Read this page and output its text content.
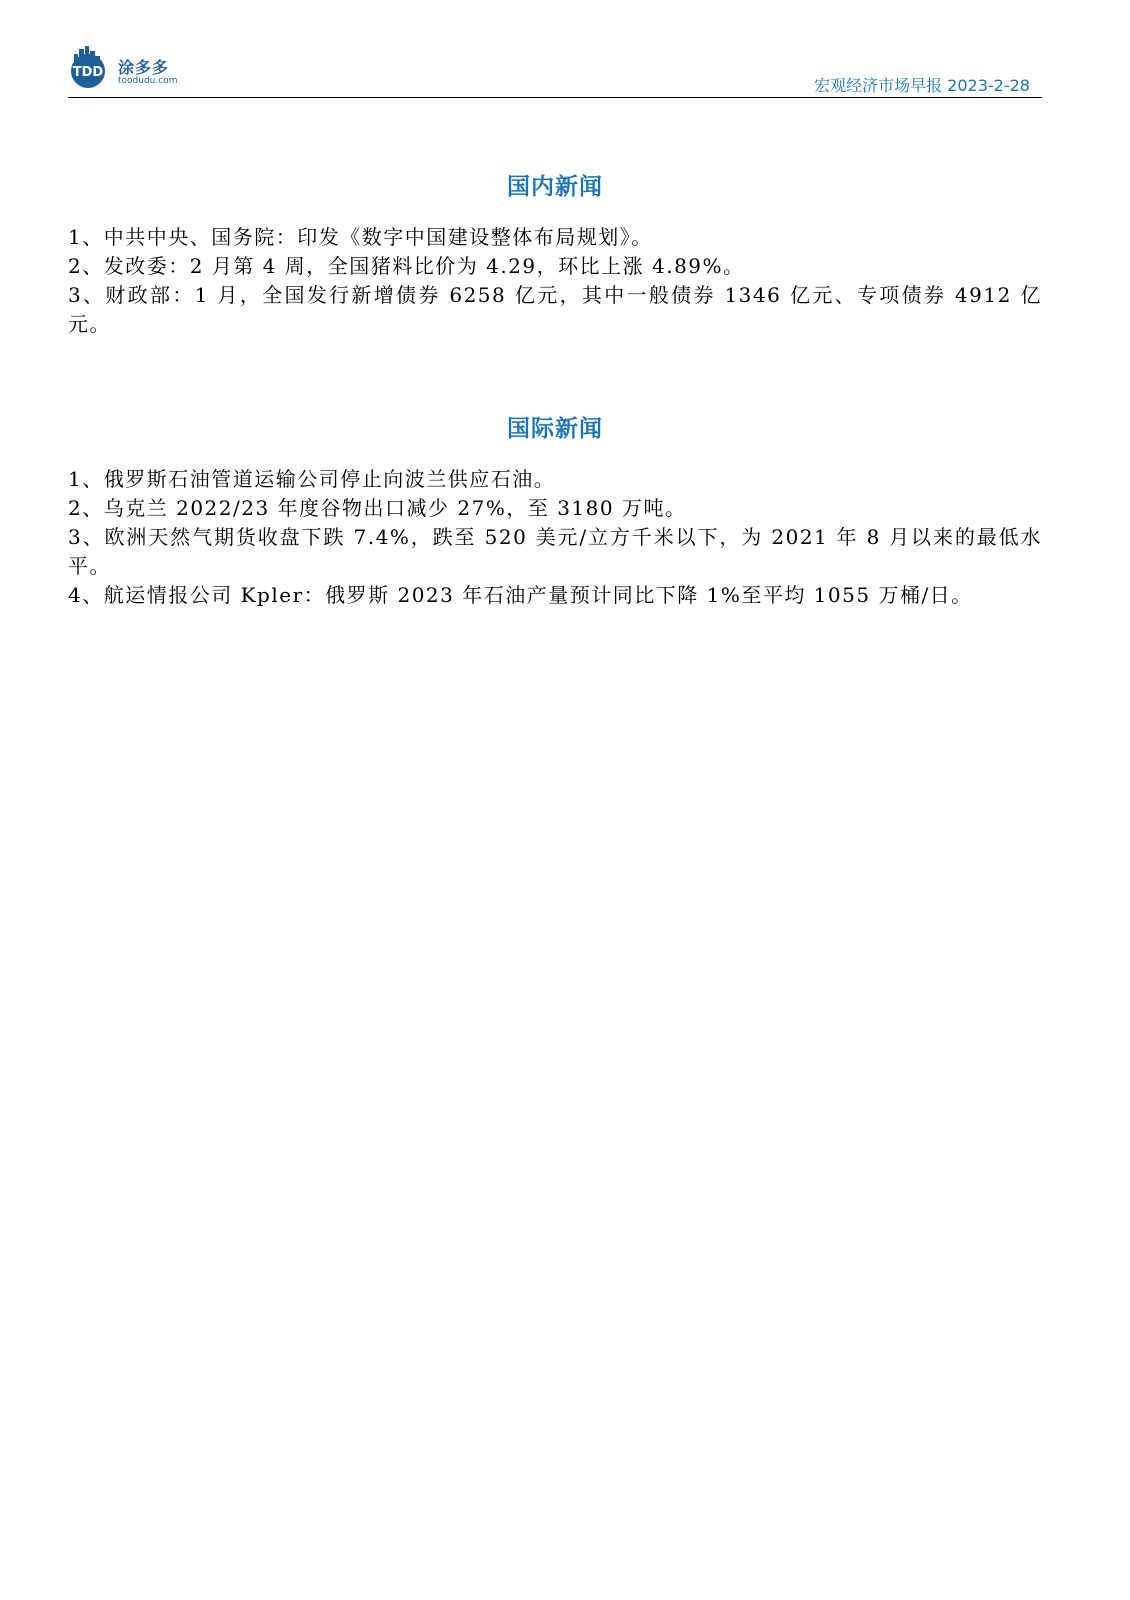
TDD 涂多多
toodudu.com	宏观经济市场早报 2023-2-28
国内新闻
1、中共中央、国务院：印发《数字中国建设整体布局规划》。
2、发改委：2 月第 4 周，全国猪料比价为 4.29，环比上涨 4.89%。
3、财政部：1 月，全国发行新增债券 6258 亿元，其中一般债券 1346 亿元、专项债券 4912 亿元。
国际新闻
1、俄罗斯石油管道运输公司停止向波兰供应石油。
2、乌克兰 2022/23 年度谷物出口减少 27%，至 3180 万吨。
3、欧洲天然气期货收盘下跌 7.4%，跌至 520 美元/立方千米以下，为 2021 年 8 月以来的最低水平。
4、航运情报公司 Kpler：俄罗斯 2023 年石油产量预计同比下降 1%至平均 1055 万桶/日。
